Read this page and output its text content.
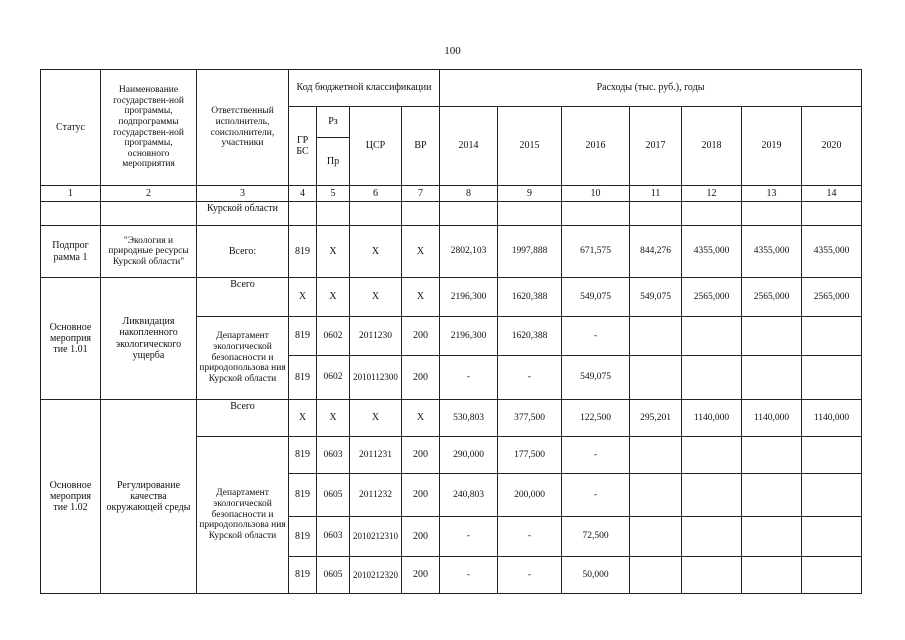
100
Статус	Наименование государствен-ной программы, подпрограммы государствен-ной программы, основного мероприятия	Ответственный исполнитель, соисполнители, участники	Код бюджетной классификации				Расходы (тыс. руб.), годы						
			ГР БС	Рз	ЦСР	ВР	2014	2015	2016	2017	2018	2019	2020
				Пр									
1	2	3	4	5	6	7	8	9	10	11	12	13	14
		Курской области											
Подпрог рамма 1	"Экология и природные ресурсы Курской области"	Всего:	819	X	X	X	2802,103	1997,888	671,575	844,276	4355,000	4355,000	4355,000
Основное мероприя тие 1.01	Ликвидация накопленного экологического ущерба	Всего	X	X	X	X	2196,300	1620,388	549,075	549,075	2565,000	2565,000	2565,000
		Департамент экологической безопасности и природопользова ния Курской области	819	0602	2011230	200	2196,300	1620,388	-				
			819	0602	2010112300	200	-	-	549,075				
Основное мероприя тие 1.02	Регулирование качества окружающей среды	Всего	X	X	X	X	530,803	377,500	122,500	295,201	1140,000	1140,000	1140,000
		Департамент экологической безопасности и природопользова ния Курской области	819	0603	2011231	200	290,000	177,500	-				
			819	0605	2011232	200	240,803	200,000	-				
			819	0603	2010212310	200	-	-	72,500				
			819	0605	2010212320	200	-	-	50,000				
